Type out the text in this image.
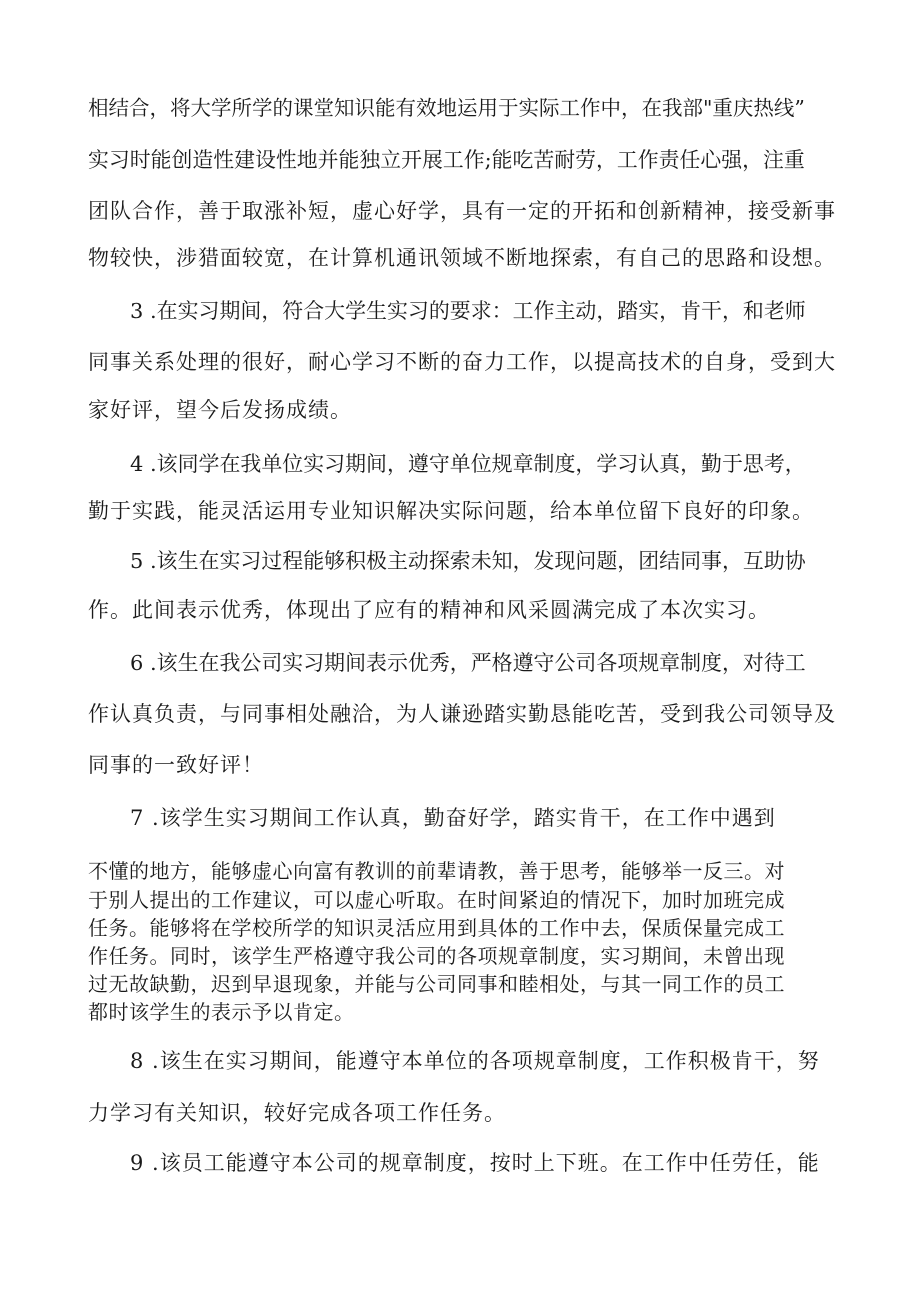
相结合，将大学所学的课堂知识能有效地运用于实际工作中，在我部"重庆热线”
实习时能创造性建设性地并能独立开展工作;能吃苦耐劳，工作责任心强，注重
团队合作，善于取涨补短，虚心好学，具有一定的开拓和创新精神，接受新事
物较快，涉猎面较宽，在计算机通讯领域不断地探索，有自己的思路和设想。
3 .在实习期间，符合大学生实习的要求：工作主动，踏实，肯干，和老师
同事关系处理的很好，耐心学习不断的奋力工作，以提高技术的自身，受到大
家好评，望今后发扬成绩。
4 .该同学在我单位实习期间，遵守单位规章制度，学习认真，勤于思考，
勤于实践，能灵活运用专业知识解决实际问题，给本单位留下良好的印象。
5 .该生在实习过程能够积极主动探索未知，发现问题，团结同事，互助协
作。此间表示优秀，体现出了应有的精神和风采圆满完成了本次实习。
6 .该生在我公司实习期间表示优秀，严格遵守公司各项规章制度，对待工
作认真负责，与同事相处融洽，为人谦逊踏实勤恳能吃苦，受到我公司领导及
同事的一致好评！
7 .该学生实习期间工作认真，勤奋好学，踏实肯干，在工作中遇到
不懂的地方，能够虚心向富有教训的前辈请教，善于思考，能够举一反三。对
于别人提出的工作建议，可以虚心听取。在时间紧迫的情况下，加时加班完成
任务。能够将在学校所学的知识灵活应用到具体的工作中去，保质保量完成工
作任务。同时，该学生严格遵守我公司的各项规章制度，实习期间，未曾出现
过无故缺勤，迟到早退现象，并能与公司同事和睦相处，与其一同工作的员工
都时该学生的表示予以肯定。
8 .该生在实习期间，能遵守本单位的各项规章制度，工作积极肯干，努
力学习有关知识，较好完成各项工作任务。
9 .该员工能遵守本公司的规章制度，按时上下班。在工作中任劳任，能
